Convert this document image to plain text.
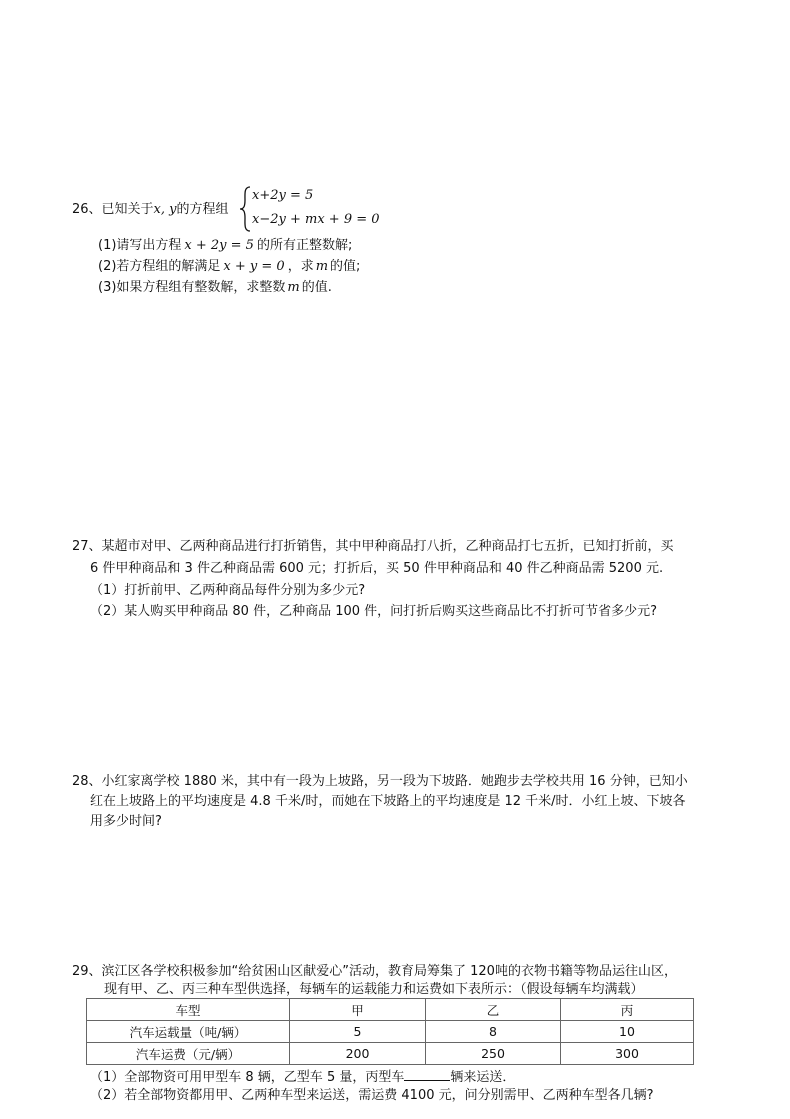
26、已知关于x, y的方程组
x+2y = 5
x−2y + mx + 9 = 0
(1)请写出方程 x + 2y = 5 的所有正整数解;
(2)若方程组的解满足 x + y = 0 ，求 m 的值;
(3)如果方程组有整数解，求整数 m 的值.
27、某超市对甲、乙两种商品进行打折销售，其中甲种商品打八折，乙种商品打七五折，已知打折前，买
6 件甲种商品和 3 件乙种商品需 600 元；打折后，买 50 件甲种商品和 40 件乙种商品需 5200 元.
（1）打折前甲、乙两种商品每件分别为多少元?
（2）某人购买甲种商品 80 件，乙种商品 100 件，问打折后购买这些商品比不打折可节省多少元?
28、小红家离学校 1880 米，其中有一段为上坡路，另一段为下坡路．她跑步去学校共用 16 分钟，已知小
红在上坡路上的平均速度是 4.8 千米/时，而她在下坡路上的平均速度是 12 千米/时．小红上坡、下坡各
用多少时间?
29、滨江区各学校积极参加“给贫困山区献爱心”活动，教育局筹集了 120吨的衣物书籍等物品运往山区，
现有甲、乙、丙三种车型供选择，每辆车的运载能力和运费如下表所示：（假设每辆车均满载）
车型	甲	乙	丙
汽车运载量（吨/辆）	5	8	10
汽车运费（元/辆）	200	250	300
（1）全部物资可用甲型车 8 辆，乙型车 5 量，丙型车	辆来运送．
（2）若全部物资都用甲、乙两种车型来运送，需运费 4100 元，问分别需甲、乙两种车型各几辆?
